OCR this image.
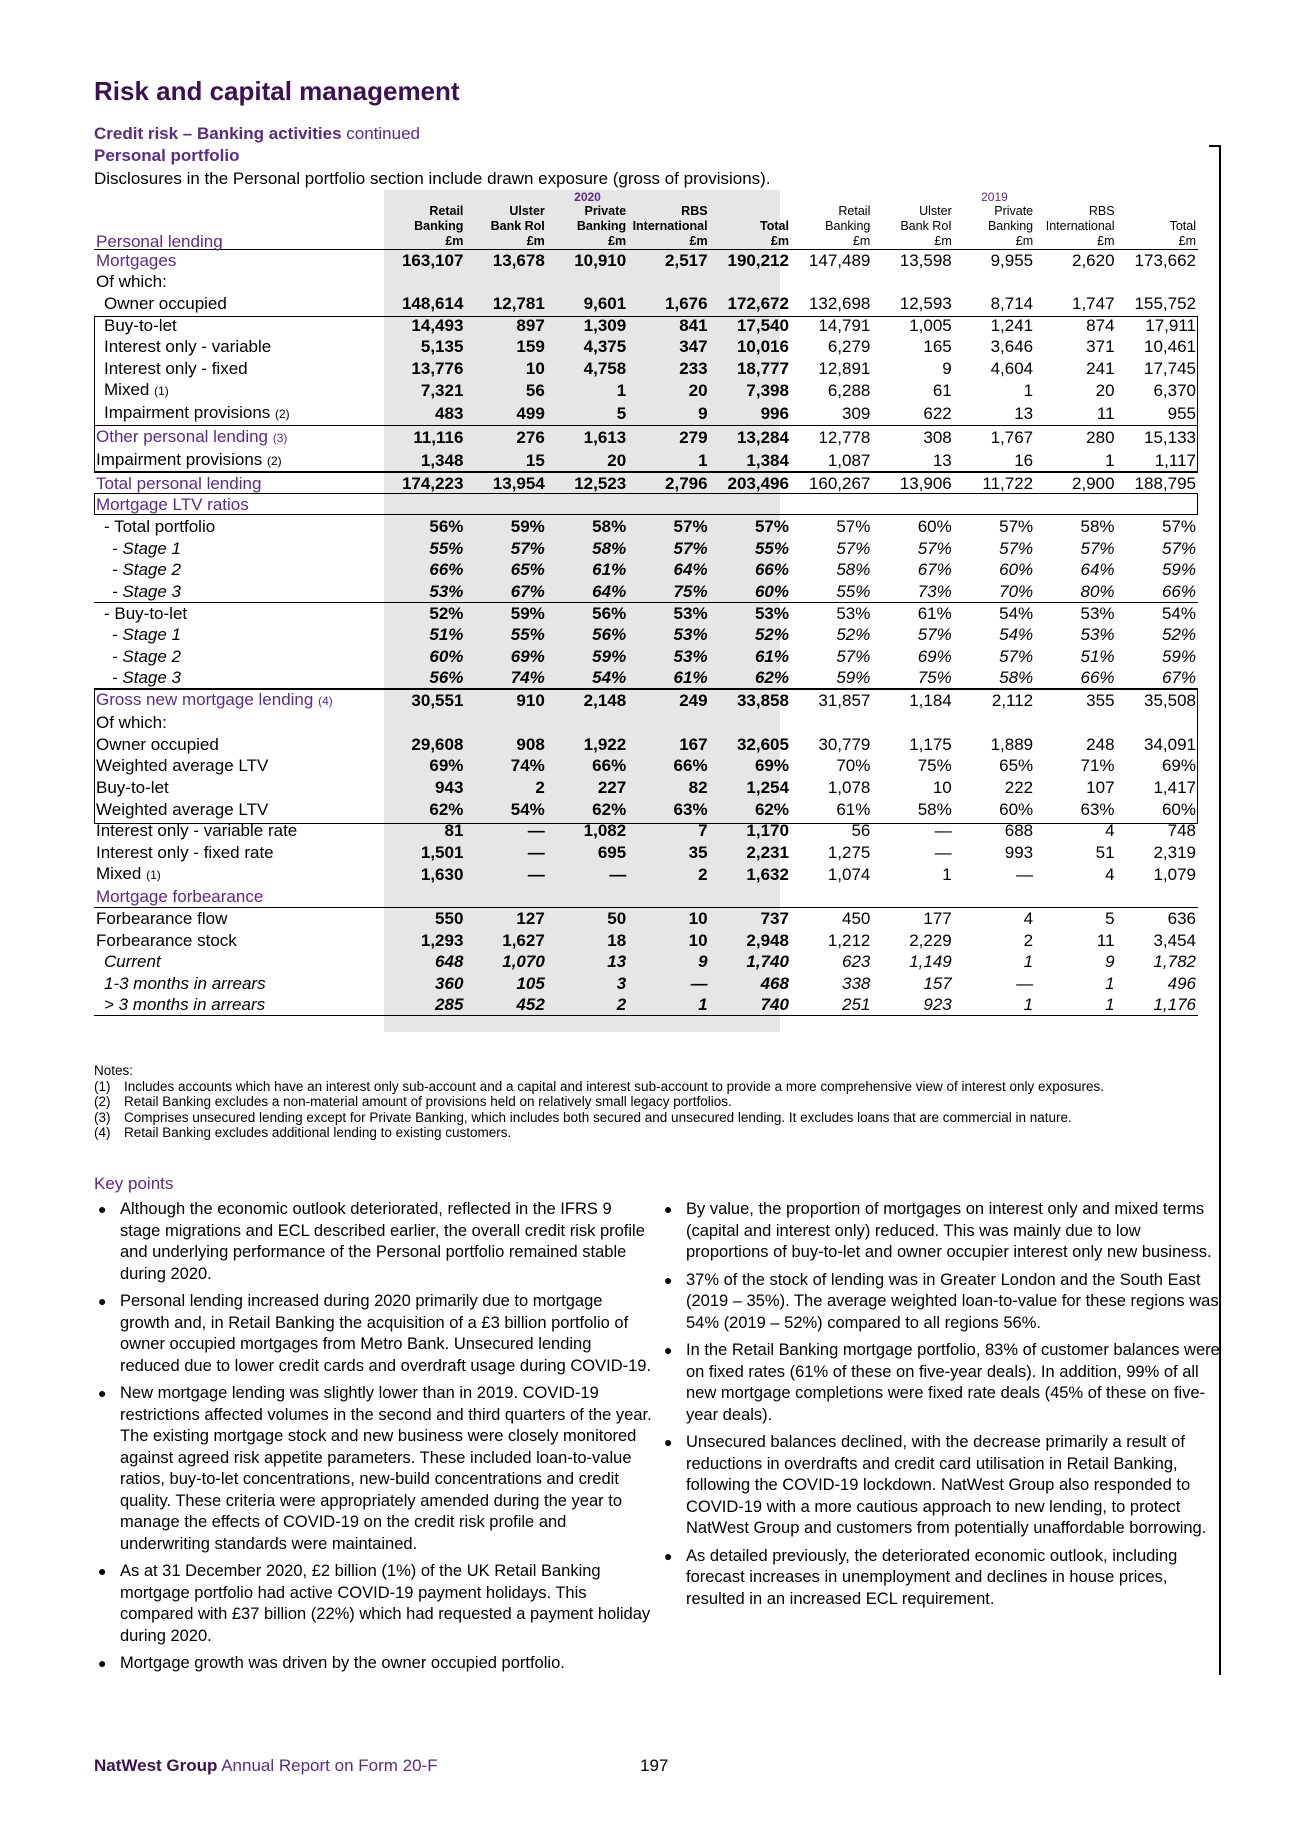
Risk and capital management
Credit risk – Banking activities continued
Personal portfolio
Disclosures in the Personal portfolio section include drawn exposure (gross of provisions).
	2020					2019				
	Retail	Ulster	Private	RBS		Retail	Ulster	Private	RBS	
	Banking	Bank RoI	Banking	International	Total	Banking	Bank RoI	Banking	International	Total
Personal lending	£m	£m	£m	£m	£m	£m	£m	£m	£m	£m
Mortgages	163,107	13,678	10,910	2,517	190,212	147,489	13,598	9,955	2,620	173,662
Of which:										
Owner occupied	148,614	12,781	9,601	1,676	172,672	132,698	12,593	8,714	1,747	155,752
Buy-to-let	14,493	897	1,309	841	17,540	14,791	1,005	1,241	874	17,911
Interest only - variable	5,135	159	4,375	347	10,016	6,279	165	3,646	371	10,461
Interest only - fixed	13,776	10	4,758	233	18,777	12,891	9	4,604	241	17,745
Mixed (1)	7,321	56	1	20	7,398	6,288	61	1	20	6,370
Impairment provisions (2)	483	499	5	9	996	309	622	13	11	955
Other personal lending (3)	11,116	276	1,613	279	13,284	12,778	308	1,767	280	15,133
Impairment provisions (2)	1,348	15	20	1	1,384	1,087	13	16	1	1,117
Total personal lending	174,223	13,954	12,523	2,796	203,496	160,267	13,906	11,722	2,900	188,795
Mortgage LTV ratios										
- Total portfolio	56%	59%	58%	57%	57%	57%	60%	57%	58%	57%
- Stage 1	55%	57%	58%	57%	55%	57%	57%	57%	57%	57%
- Stage 2	66%	65%	61%	64%	66%	58%	67%	60%	64%	59%
- Stage 3	53%	67%	64%	75%	60%	55%	73%	70%	80%	66%
- Buy-to-let	52%	59%	56%	53%	53%	53%	61%	54%	53%	54%
- Stage 1	51%	55%	56%	53%	52%	52%	57%	54%	53%	52%
- Stage 2	60%	69%	59%	53%	61%	57%	69%	57%	51%	59%
- Stage 3	56%	74%	54%	61%	62%	59%	75%	58%	66%	67%
Gross new mortgage lending (4)	30,551	910	2,148	249	33,858	31,857	1,184	2,112	355	35,508
Of which:										
Owner occupied	29,608	908	1,922	167	32,605	30,779	1,175	1,889	248	34,091
Weighted average LTV	69%	74%	66%	66%	69%	70%	75%	65%	71%	69%
Buy-to-let	943	2	227	82	1,254	1,078	10	222	107	1,417
Weighted average LTV	62%	54%	62%	63%	62%	61%	58%	60%	63%	60%
Interest only - variable rate	81	—	1,082	7	1,170	56	—	688	4	748
Interest only - fixed rate	1,501	—	695	35	2,231	1,275	—	993	51	2,319
Mixed (1)	1,630	—	—	2	1,632	1,074	1	—	4	1,079
Mortgage forbearance										
Forbearance flow	550	127	50	10	737	450	177	4	5	636
Forbearance stock	1,293	1,627	18	10	2,948	1,212	2,229	2	11	3,454
Current	648	1,070	13	9	1,740	623	1,149	1	9	1,782
1-3 months in arrears	360	105	3	—	468	338	157	—	1	496
> 3 months in arrears	285	452	2	1	740	251	923	1	1	1,176
Notes:
(1)	Includes accounts which have an interest only sub-account and a capital and interest sub-account to provide a more comprehensive view of interest only exposures.
(2)	Retail Banking excludes a non-material amount of provisions held on relatively small legacy portfolios.
(3)	Comprises unsecured lending except for Private Banking, which includes both secured and unsecured lending. It excludes loans that are commercial in nature.
(4)	Retail Banking excludes additional lending to existing customers.
Key points
● Although the economic outlook deteriorated, reflected in the IFRS 9 stage migrations and ECL described earlier, the overall credit risk profile and underlying performance of the Personal portfolio remained stable during 2020.
● Personal lending increased during 2020 primarily due to mortgage growth and, in Retail Banking the acquisition of a £3 billion portfolio of owner occupied mortgages from Metro Bank. Unsecured lending reduced due to lower credit cards and overdraft usage during COVID-19.
● New mortgage lending was slightly lower than in 2019. COVID-19 restrictions affected volumes in the second and third quarters of the year. The existing mortgage stock and new business were closely monitored against agreed risk appetite parameters. These included loan-to-value ratios, buy-to-let concentrations, new-build concentrations and credit quality. These criteria were appropriately amended during the year to manage the effects of COVID-19 on the credit risk profile and underwriting standards were maintained.
● As at 31 December 2020, £2 billion (1%) of the UK Retail Banking mortgage portfolio had active COVID-19 payment holidays. This compared with £37 billion (22%) which had requested a payment holiday during 2020.
● Mortgage growth was driven by the owner occupied portfolio.
● By value, the proportion of mortgages on interest only and mixed terms (capital and interest only) reduced. This was mainly due to low proportions of buy-to-let and owner occupier interest only new business.
● 37% of the stock of lending was in Greater London and the South East (2019 – 35%). The average weighted loan-to-value for these regions was 54% (2019 – 52%) compared to all regions 56%.
● In the Retail Banking mortgage portfolio, 83% of customer balances were on fixed rates (61% of these on five-year deals). In addition, 99% of all new mortgage completions were fixed rate deals (45% of these on five-year deals).
● Unsecured balances declined, with the decrease primarily a result of reductions in overdrafts and credit card utilisation in Retail Banking, following the COVID-19 lockdown. NatWest Group also responded to COVID-19 with a more cautious approach to new lending, to protect NatWest Group and customers from potentially unaffordable borrowing.
● As detailed previously, the deteriorated economic outlook, including forecast increases in unemployment and declines in house prices, resulted in an increased ECL requirement.
NatWest Group Annual Report on Form 20-F	197
